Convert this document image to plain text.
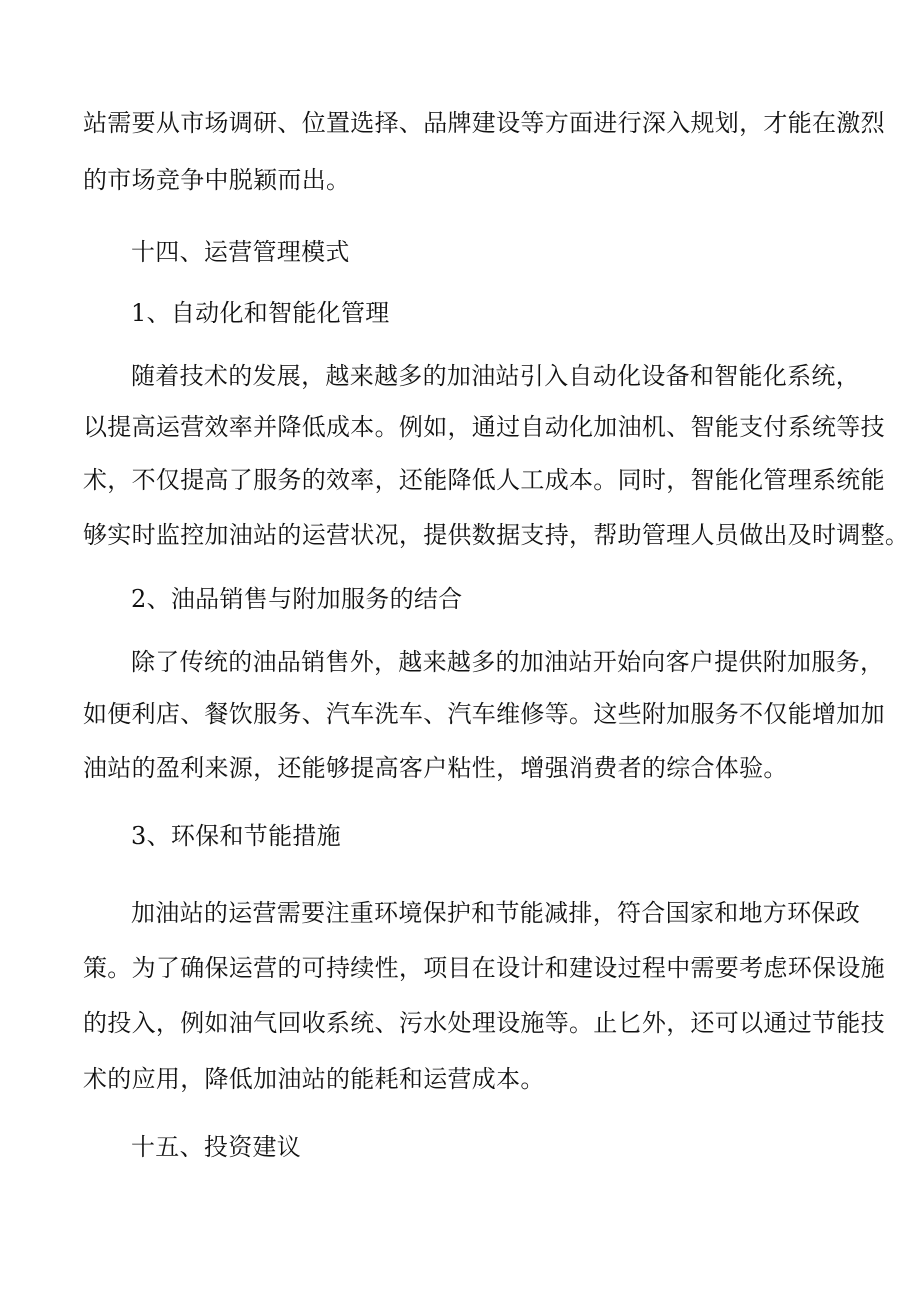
站需要从市场调研、位置选择、品牌建设等方面进行深入规划，才能在激烈
的市场竞争中脱颖而出。
十四、运营管理模式
1、自动化和智能化管理
随着技术的发展，越来越多的加油站引入自动化设备和智能化系统，
以提高运营效率并降低成本。例如，通过自动化加油机、智能支付系统等技
术，不仅提高了服务的效率，还能降低人工成本。同时，智能化管理系统能
够实时监控加油站的运营状况，提供数据支持，帮助管理人员做出及时调整。
2、油品销售与附加服务的结合
除了传统的油品销售外，越来越多的加油站开始向客户提供附加服务，
如便利店、餐饮服务、汽车洗车、汽车维修等。这些附加服务不仅能增加加
油站的盈利来源，还能够提高客户粘性，增强消费者的综合体验。
3、环保和节能措施
加油站的运营需要注重环境保护和节能减排，符合国家和地方环保政
策。为了确保运营的可持续性，项目在设计和建设过程中需要考虑环保设施
的投入，例如油气回收系统、污水处理设施等。止匕外，还可以通过节能技
术的应用，降低加油站的能耗和运营成本。
十五、投资建议
